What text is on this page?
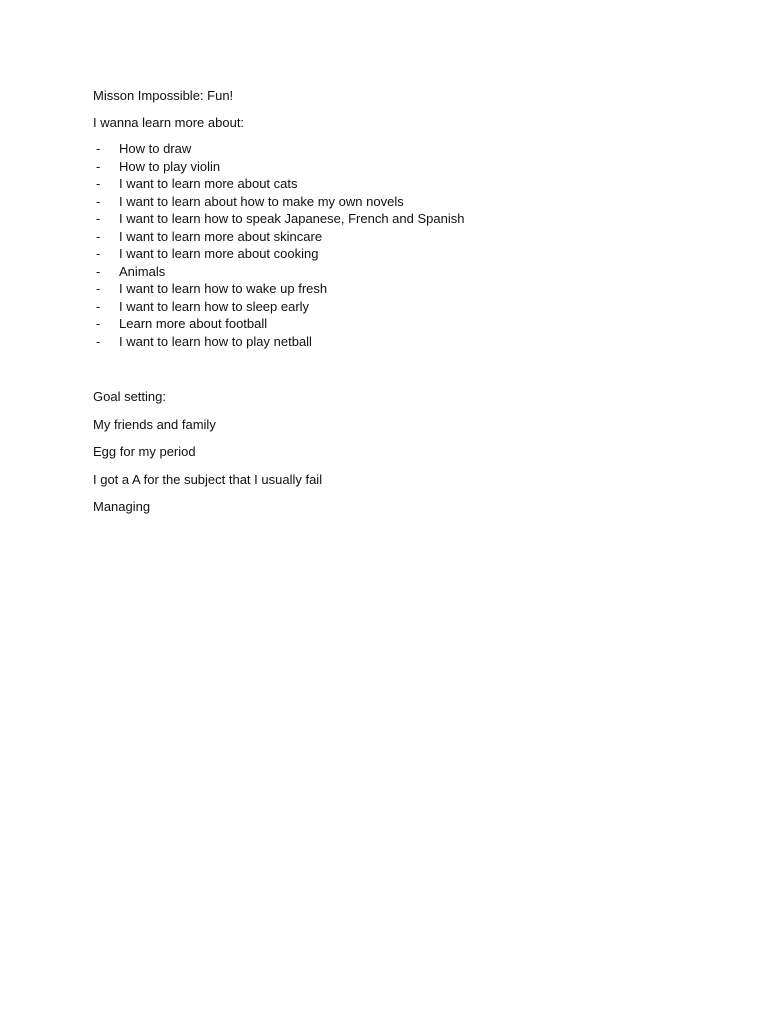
Misson Impossible: Fun!

I wanna learn more about:

- How to draw
- How to play violin
- I want to learn more about cats
- I want to learn about how to make my own novels
- I want to learn how to speak Japanese, French and Spanish
- I want to learn more about skincare
- I want to learn more about cooking
- Animals
- I want to learn how to wake up fresh
- I want to learn how to sleep early
- Learn more about football
- I want to learn how to play netball

Goal setting:

My friends and family

Egg for my period

I got a A for the subject that I usually fail

Managing
